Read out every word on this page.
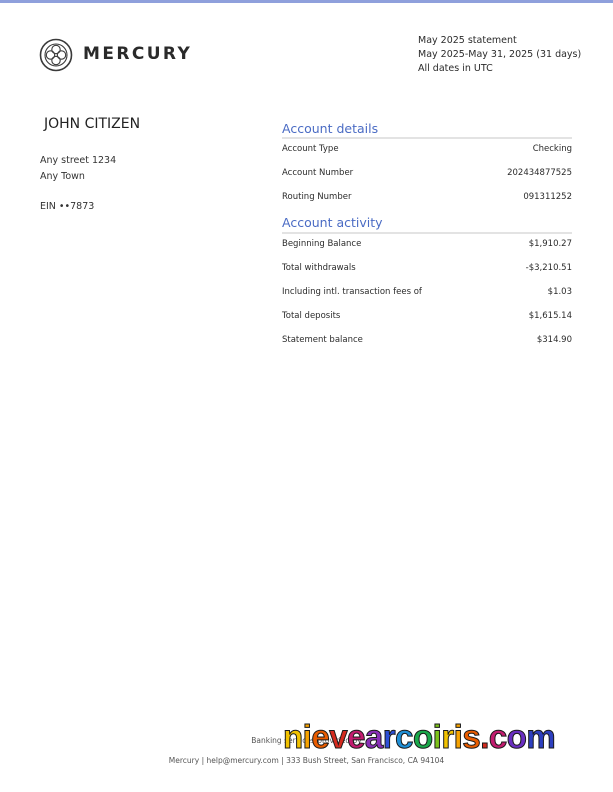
MERCURY
May 2025 statement
May 2025-May 31, 2025 (31 days)
All dates in UTC
JOHN CITIZEN
Any street 1234
Any Town
EIN ••7873
Account details
Account Type	Checking
Account Number	202434877525
Routing Number	091311252
Account activity
Beginning Balance	$1,910.27
Total withdrawals	-$3,210.51
Including intl. transaction fees of	$1.03
Total deposits	$1,615.14
Statement balance	$314.90
Banking services provided by
Mercury | help@mercury.com | 333 Bush Street, San Francisco, CA 94104
nievearcoiris.com
